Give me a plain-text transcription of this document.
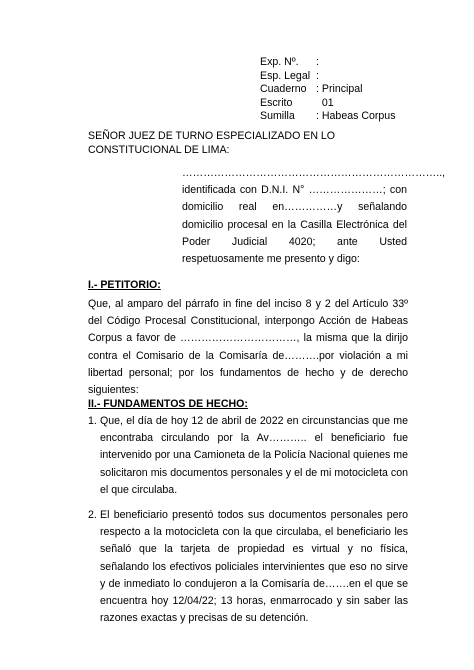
Exp. Nº.	:
Esp. Legal :
Cuaderno : Principal
Escrito	01
Sumilla	: Habeas Corpus
SEÑOR JUEZ DE TURNO ESPECIALIZADO EN LO CONSTITUCIONAL DE LIMA:
……………………………………………………………….., identificada con D.N.I. N° …………………; con domicilio real en……………y señalando domicilio procesal en la Casilla Electrónica del Poder Judicial 4020; ante Usted respetuosamente me presento y digo:
I.- PETITORIO:
Que, al amparo del párrafo in fine del inciso 8 y 2 del Artículo 33º del Código Procesal Constitucional, interpongo Acción de Habeas Corpus a favor de ……………………………, la misma que la dirijo contra el Comisario de la Comisaría de……….por violación a mi libertad personal; por los fundamentos de hecho y de derecho siguientes:
II.- FUNDAMENTOS DE HECHO:
1. Que, el día de hoy 12 de abril de 2022 en circunstancias que me encontraba circulando por la Av……….. el beneficiario fue intervenido por una Camioneta de la Policía Nacional quienes me solicitaron mis documentos personales y el de mi motocicleta con el que circulaba.
2. El beneficiario presentó todos sus documentos personales pero respecto a la motocicleta con la que circulaba, el beneficiario les señaló que la tarjeta de propiedad es virtual y no física, señalando los efectivos policiales intervinientes que eso no sirve y de inmediato lo condujeron a la Comisaría de…….en el que se encuentra hoy 12/04/22; 13 horas, enmarrocado y sin saber las razones exactas y precisas de su detención.
